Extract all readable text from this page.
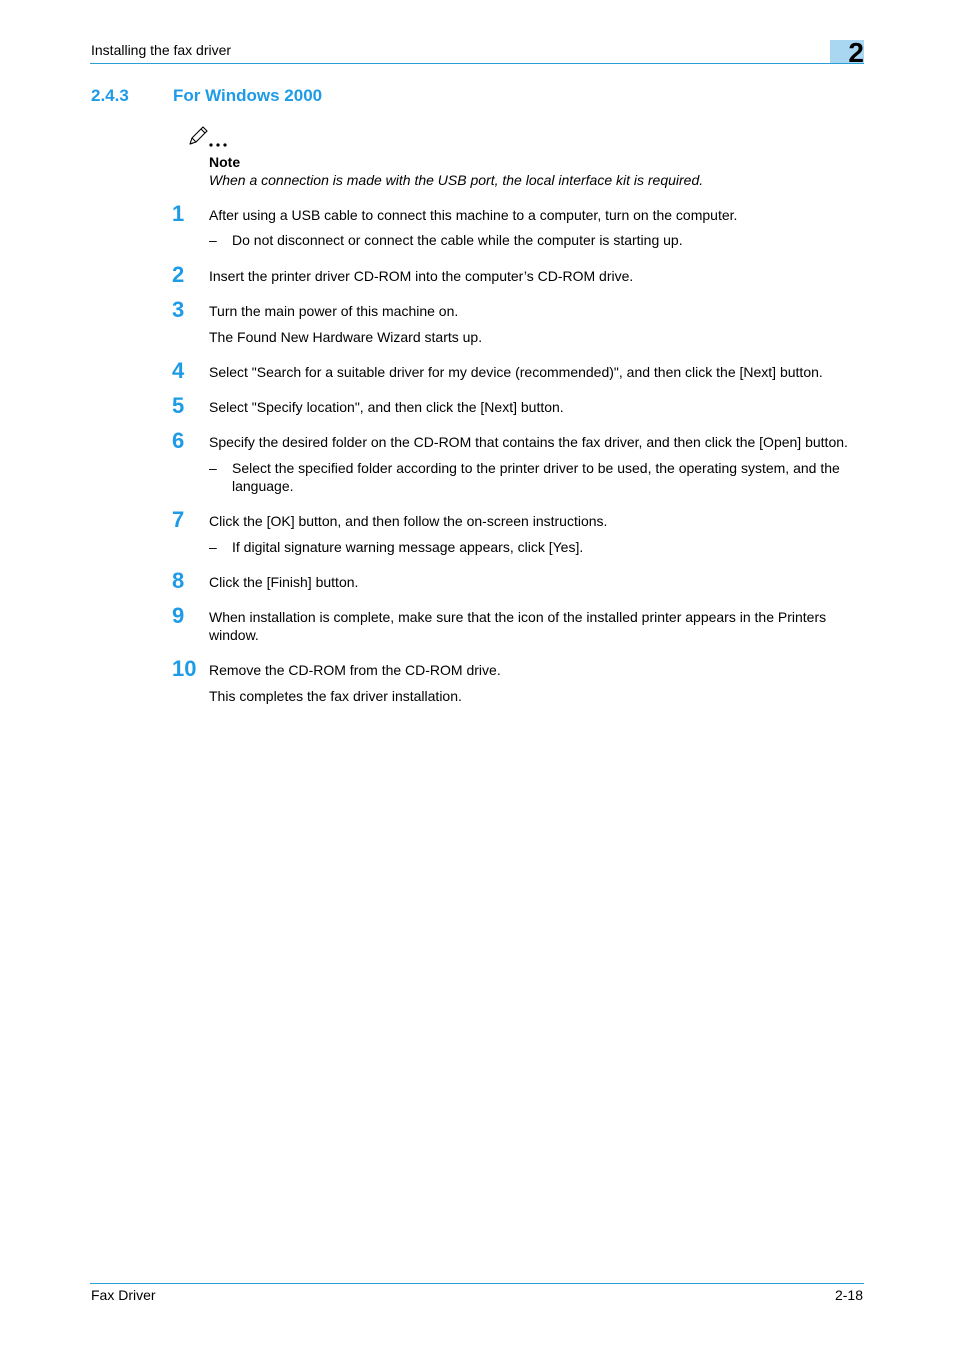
Installing the fax driver	2
2.4.3	For Windows 2000
Note
When a connection is made with the USB port, the local interface kit is required.
1 After using a USB cable to connect this machine to a computer, turn on the computer.
– Do not disconnect or connect the cable while the computer is starting up.
2 Insert the printer driver CD-ROM into the computer’s CD-ROM drive.
3 Turn the main power of this machine on.
The Found New Hardware Wizard starts up.
4 Select "Search for a suitable driver for my device (recommended)", and then click the [Next] button.
5 Select "Specify location", and then click the [Next] button.
6 Specify the desired folder on the CD-ROM that contains the fax driver, and then click the [Open] button.
– Select the specified folder according to the printer driver to be used, the operating system, and the language.
7 Click the [OK] button, and then follow the on-screen instructions.
– If digital signature warning message appears, click [Yes].
8 Click the [Finish] button.
9 When installation is complete, make sure that the icon of the installed printer appears in the Printers window.
10 Remove the CD-ROM from the CD-ROM drive.
This completes the fax driver installation.
Fax Driver	2-18
